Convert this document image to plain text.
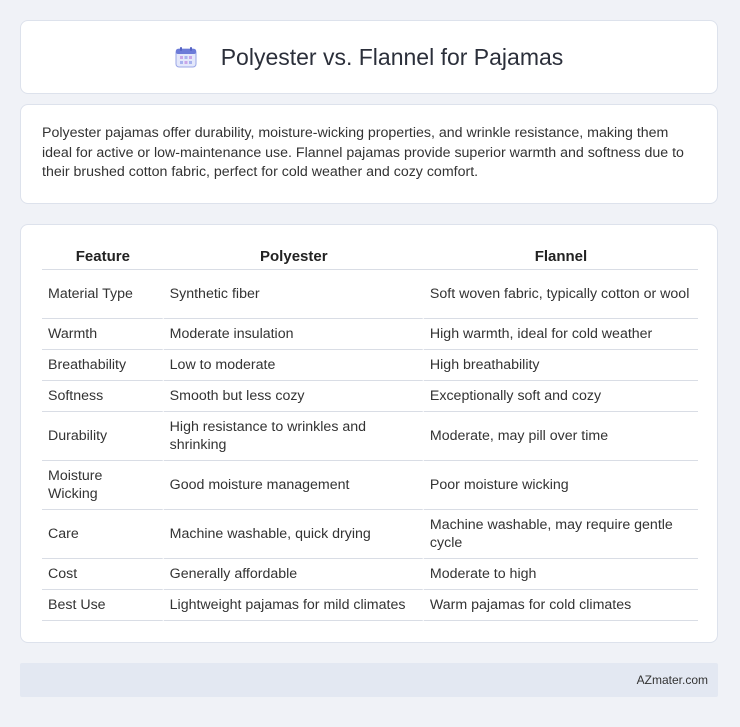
Polyester vs. Flannel for Pajamas

Polyester pajamas offer durability, moisture-wicking properties, and wrinkle resistance, making them ideal for active or low-maintenance use. Flannel pajamas provide superior warmth and softness due to their brushed cotton fabric, perfect for cold weather and cozy comfort.

Feature	Polyester	Flannel
Material Type	Synthetic fiber	Soft woven fabric, typically cotton or wool
Warmth	Moderate insulation	High warmth, ideal for cold weather
Breathability	Low to moderate	High breathability
Softness	Smooth but less cozy	Exceptionally soft and cozy
Durability	High resistance to wrinkles and shrinking	Moderate, may pill over time
Moisture Wicking	Good moisture management	Poor moisture wicking
Care	Machine washable, quick drying	Machine washable, may require gentle cycle
Cost	Generally affordable	Moderate to high
Best Use	Lightweight pajamas for mild climates	Warm pajamas for cold climates
AZmater.com
